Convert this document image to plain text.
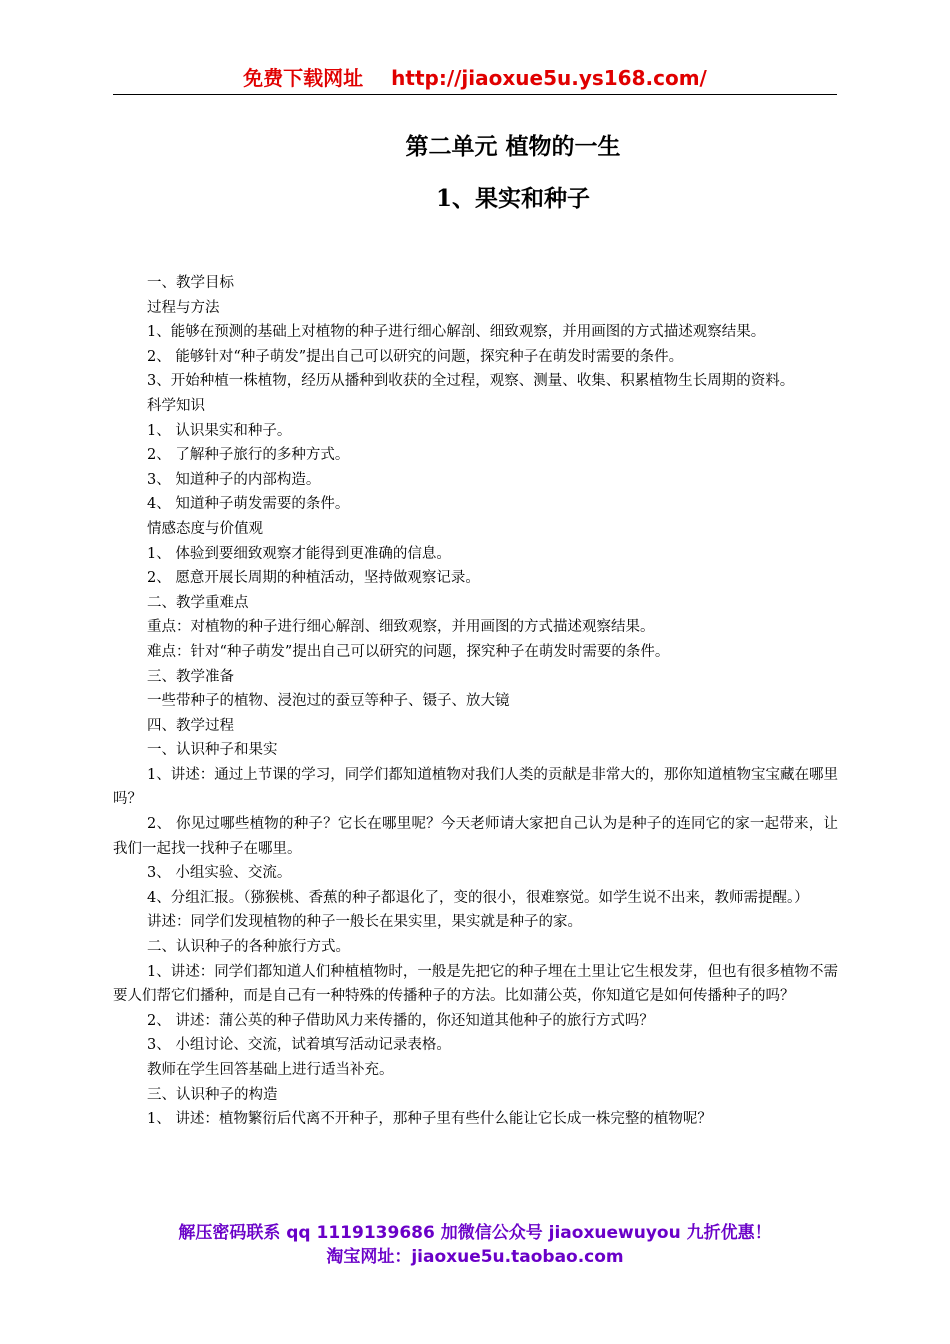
免费下载网址 http://jiaoxue5u.ys168.com/
第二单元 植物的一生
1、果实和种子

一、教学目标

过程与方法

1、能够在预测的基础上对植物的种子进行细心解剖、细致观察，并用画图的方式描述观察结果。

2、 能够针对“种子萌发”提出自己可以研究的问题，探究种子在萌发时需要的条件。

3、开始种植一株植物，经历从播种到收获的全过程，观察、测量、收集、积累植物生长周期的资料。

科学知识

1、 认识果实和种子。

2、 了解种子旅行的多种方式。

3、 知道种子的内部构造。

4、 知道种子萌发需要的条件。

情感态度与价值观

1、 体验到要细致观察才能得到更准确的信息。

2、 愿意开展长周期的种植活动，坚持做观察记录。

二、教学重难点

重点：对植物的种子进行细心解剖、细致观察，并用画图的方式描述观察结果。

难点：针对“种子萌发”提出自己可以研究的问题，探究种子在萌发时需要的条件。

三、教学准备

一些带种子的植物、浸泡过的蚕豆等种子、镊子、放大镜

四、教学过程

一、认识种子和果实

1、讲述：通过上节课的学习，同学们都知道植物对我们人类的贡献是非常大的，那你知道植物宝宝藏在哪里吗？

2、 你见过哪些植物的种子？它长在哪里呢？今天老师请大家把自己认为是种子的连同它的家一起带来，让我们一起找一找种子在哪里。

3、 小组实验、交流。

4、分组汇报。（猕猴桃、香蕉的种子都退化了，变的很小，很难察觉。如学生说不出来，教师需提醒。）

讲述：同学们发现植物的种子一般长在果实里，果实就是种子的家。

二、认识种子的各种旅行方式。

1、讲述：同学们都知道人们种植植物时，一般是先把它的种子埋在土里让它生根发芽，但也有很多植物不需要人们帮它们播种，而是自己有一种特殊的传播种子的方法。比如蒲公英，你知道它是如何传播种子的吗？

2、 讲述：蒲公英的种子借助风力来传播的，你还知道其他种子的旅行方式吗？

3、 小组讨论、交流，试着填写活动记录表格。

教师在学生回答基础上进行适当补充。

三、认识种子的构造

1、 讲述：植物繁衍后代离不开种子，那种子里有些什么能让它长成一株完整的植物呢？

解压密码联系 qq 1119139686 加微信公众号 jiaoxuewuyou 九折优惠！
淘宝网址：jiaoxue5u.taobao.com
